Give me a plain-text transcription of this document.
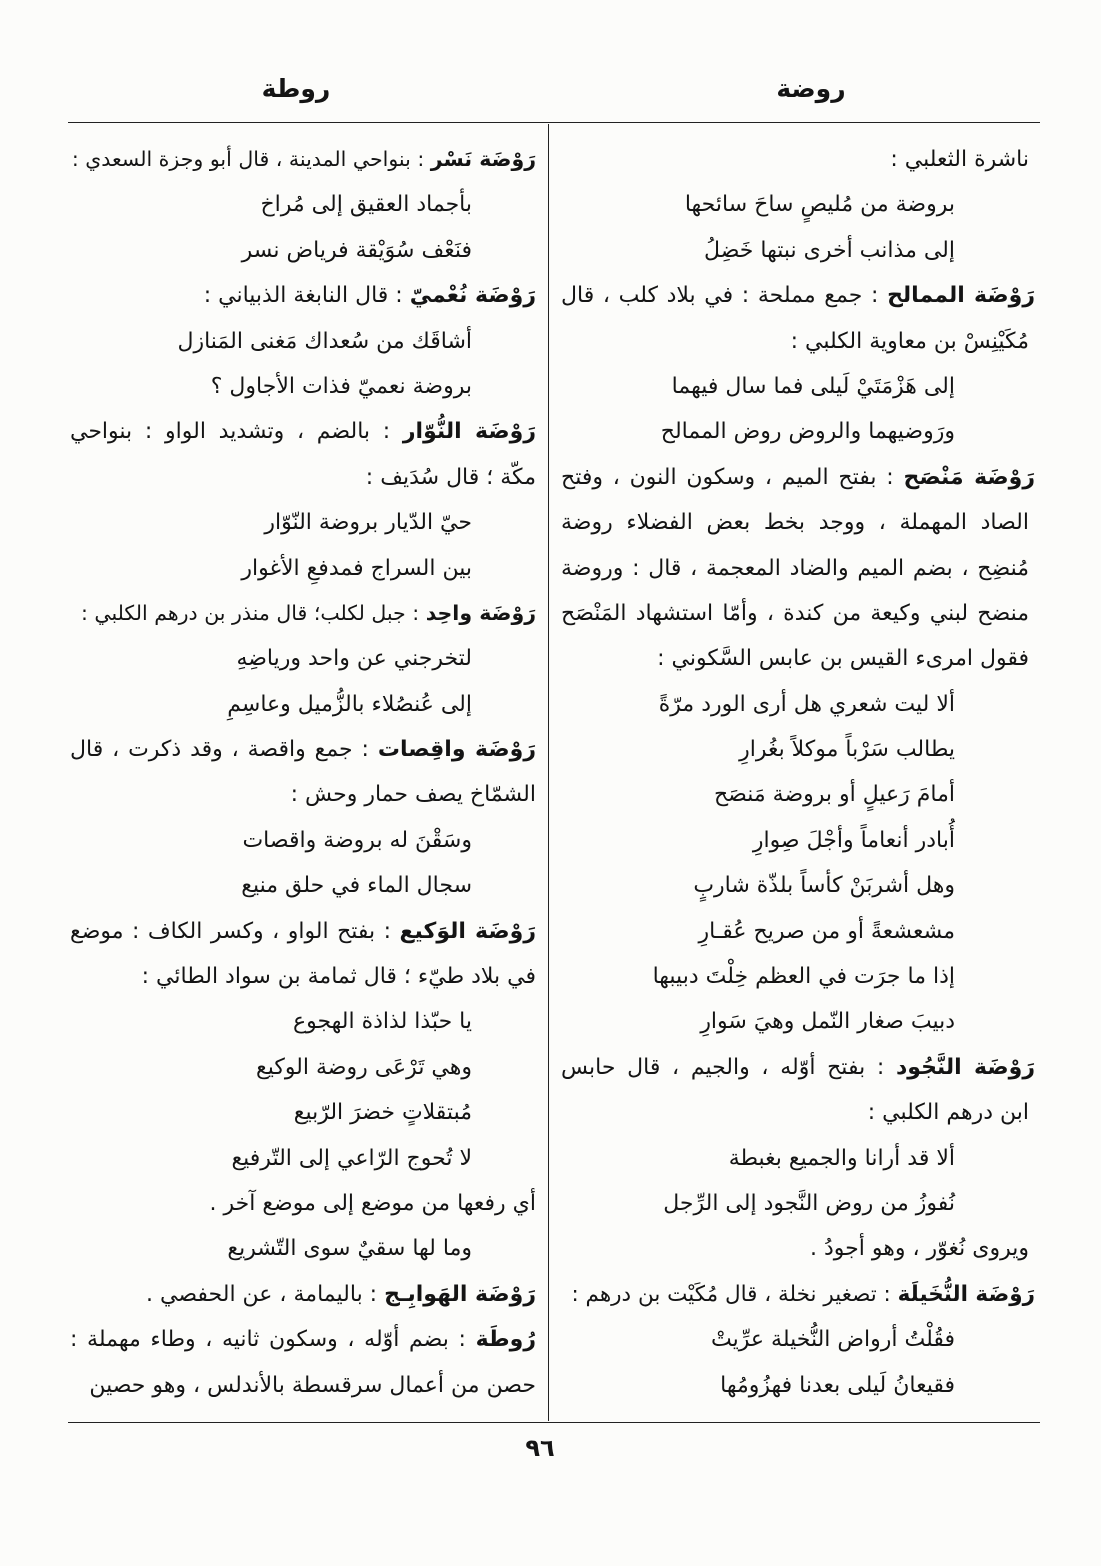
روضة
روطة
ناشرة الثعلبي :
بروضة من مُليصٍ ساحَ سائحها
إلى مذانب أخرى نبتها خَضِلُ
رَوْضَة الممالح : جمع مملحة : في بلاد كلب ، قال
مُكَيْنِسْ بن معاوية الكلبي :
إلى هَزْمَتَيْ لَيلى فما سال فيهما
ورَوضيهما والروض روض الممالح
رَوْضَة مَنْصَح : بفتح الميم ، وسكون النون ، وفتح
الصاد المهملة ، ووجد بخط بعض الفضلاء روضة
مُنضِح ، بضم الميم والضاد المعجمة ، قال : وروضة
منضح لبني وكيعة من كندة ، وأمّا استشهاد المَنْصَح
فقول امرىء القيس بن عابس السَّكوني :
ألا ليت شعري هل أرى الورد مرّةً
يطالب سَرْباً موكلاً بغُرارِ
أمامَ رَعيلٍ أو بروضة مَنصَح
أُبادر أنعاماً وأجْلَ صِوارِ
وهل أشربَنْ كأساً بلذّة شاربٍ
مشعشعةً أو من صريح عُقـارِ
إذا ما جرَت في العظم خِلْتَ دبيبها
دبيبَ صغار النّمل وهيَ سَوارِ
رَوْضَة النَّجُود : بفتح أوّله ، والجيم ، قال حابس
ابن درهم الكلبي :
ألا قد أرانا والجميع بغبطة
نُفوزُ من روض النَّجود إلى الرِّجل
ويروى نُغوّر ، وهو أجودُ .
رَوْضَة النُّخَيلَة : تصغير نخلة ، قال مُكَيْت بن درهم :
فقُلْتُ أرواض النُّخيلة عرِّيتْ
فقيعانُ لَيلى بعدنا فهزُومُها
رَوْضَة نَسْر : بنواحي المدينة ، قال أبو وجزة السعدي :
بأجماد العقيق إلى مُراخ
فنَعْف سُوَيْقة فرياض نسر
رَوْضَة نُعْميّ : قال النابغة الذبياني :
أشاقَك من سُعداك مَغنى المَنازل
بروضة نعميّ فذات الأجاول ؟
رَوْضَة النُّوّار : بالضم ، وتشديد الواو : بنواحي
مكّة ؛ قال سُدَيف :
حيّ الدّيار بروضة النّوّار
بين السراج فمدفعِ الأغوار
رَوْضَة واحِد : جبل لكلب؛ قال منذر بن درهم الكلبي :
لتخرجني عن واحد ورياضِهِ
إلى عُنصُلاء بالزُّميل وعاسِمِ
رَوْضَة واقِصات : جمع واقصة ، وقد ذكرت ، قال
الشمّاخ يصف حمار وحش :
وسَقْنَ له بروضة واقصات
سجال الماء في حلق منيع
رَوْضَة الوَكيع : بفتح الواو ، وكسر الكاف : موضع
في بلاد طيّء ؛ قال ثمامة بن سواد الطائي :
يا حبّذا لذاذة الهجوع
وهي تَرْعَى روضة الوكيع
مُبتقلاتٍ خضرَ الرّبيع
لا تُحوج الرّاعي إلى التّرفيع
أي رفعها من موضع إلى موضع آخر .
وما لها سقيٌ سوى التّشريع
رَوْضَة الهَوابِـج : باليمامة ، عن الحفصي .
رُوطَة : بضم أوّله ، وسكون ثانيه ، وطاء مهملة :
حصن من أعمال سرقسطة بالأندلس ، وهو حصين
٩٦
